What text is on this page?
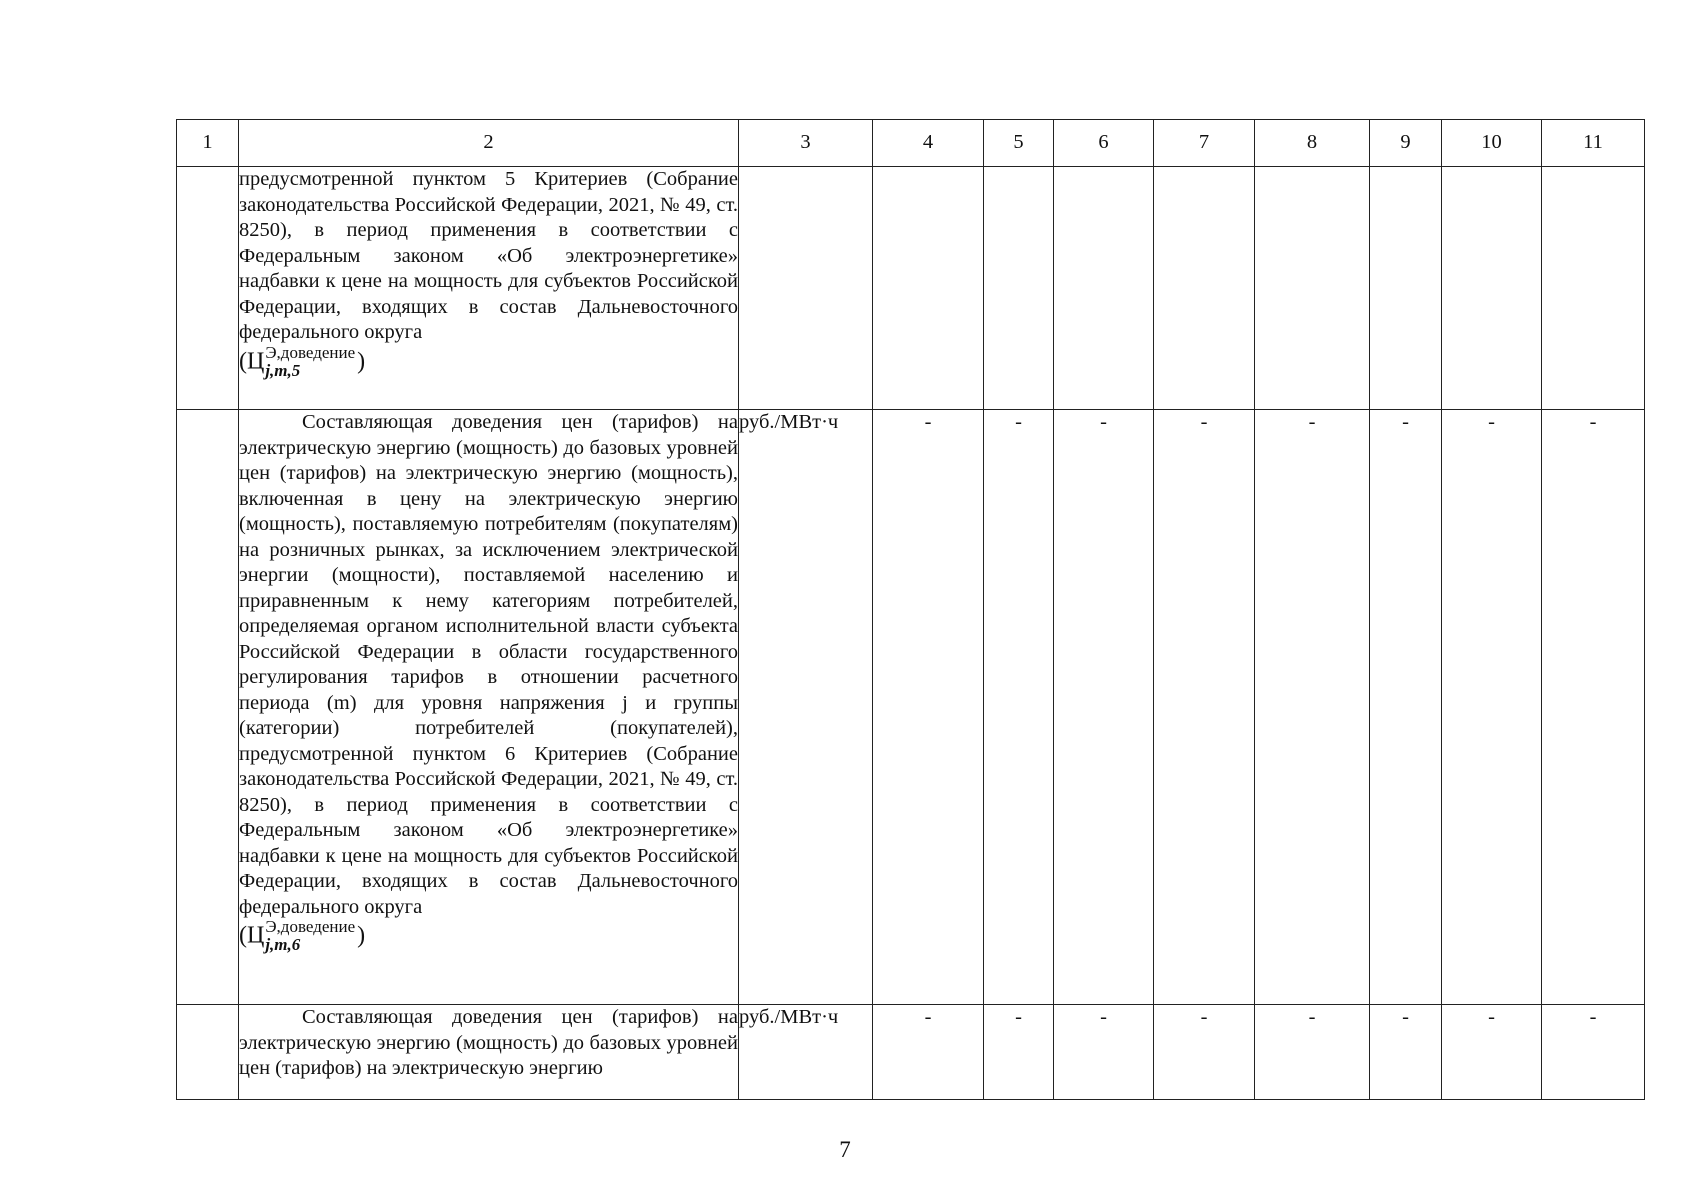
1	2	3	4	5	6	7	8	9	10	11

	предусмотренной пунктом 5 Критериев (Собрание законодательства Российской Федерации, 2021, № 49, ст. 8250), в период применения в соответствии с Федеральным законом «Об электроэнергетике» надбавки к цене на мощность для субъектов Российской Федерации, входящих в состав Дальневосточного федерального округа
(Ц Э,доведение
j,m,5 )									

	Составляющая доведения цен (тарифов) на электрическую энергию (мощность) до базовых уровней цен (тарифов) на электрическую энергию (мощность), включенная в цену на электрическую энергию (мощность), поставляемую потребителям (покупателям) на розничных рынках, за исключением электрической энергии (мощности), поставляемой населению и приравненным к нему категориям потребителей, определяемая органом исполнительной власти субъекта Российской Федерации в области государственного регулирования тарифов в отношении расчетного периода (m) для уровня напряжения j и группы (категории) потребителей (покупателей), предусмотренной пунктом 6 Критериев (Собрание законодательства Российской Федерации, 2021, № 49, ст. 8250), в период применения в соответствии с Федеральным законом «Об электроэнергетике» надбавки к цене на мощность для субъектов Российской Федерации, входящих в состав Дальневосточного федерального округа
(Ц Э,доведение
j,m,6 )	руб./МВт·ч	-	-	-	-	-	-	-	-

	Составляющая доведения цен (тарифов) на электрическую энергию (мощность) до базовых уровней цен (тарифов) на электрическую энергию	руб./МВт·ч	-	-	-	-	-	-	-	-
7
